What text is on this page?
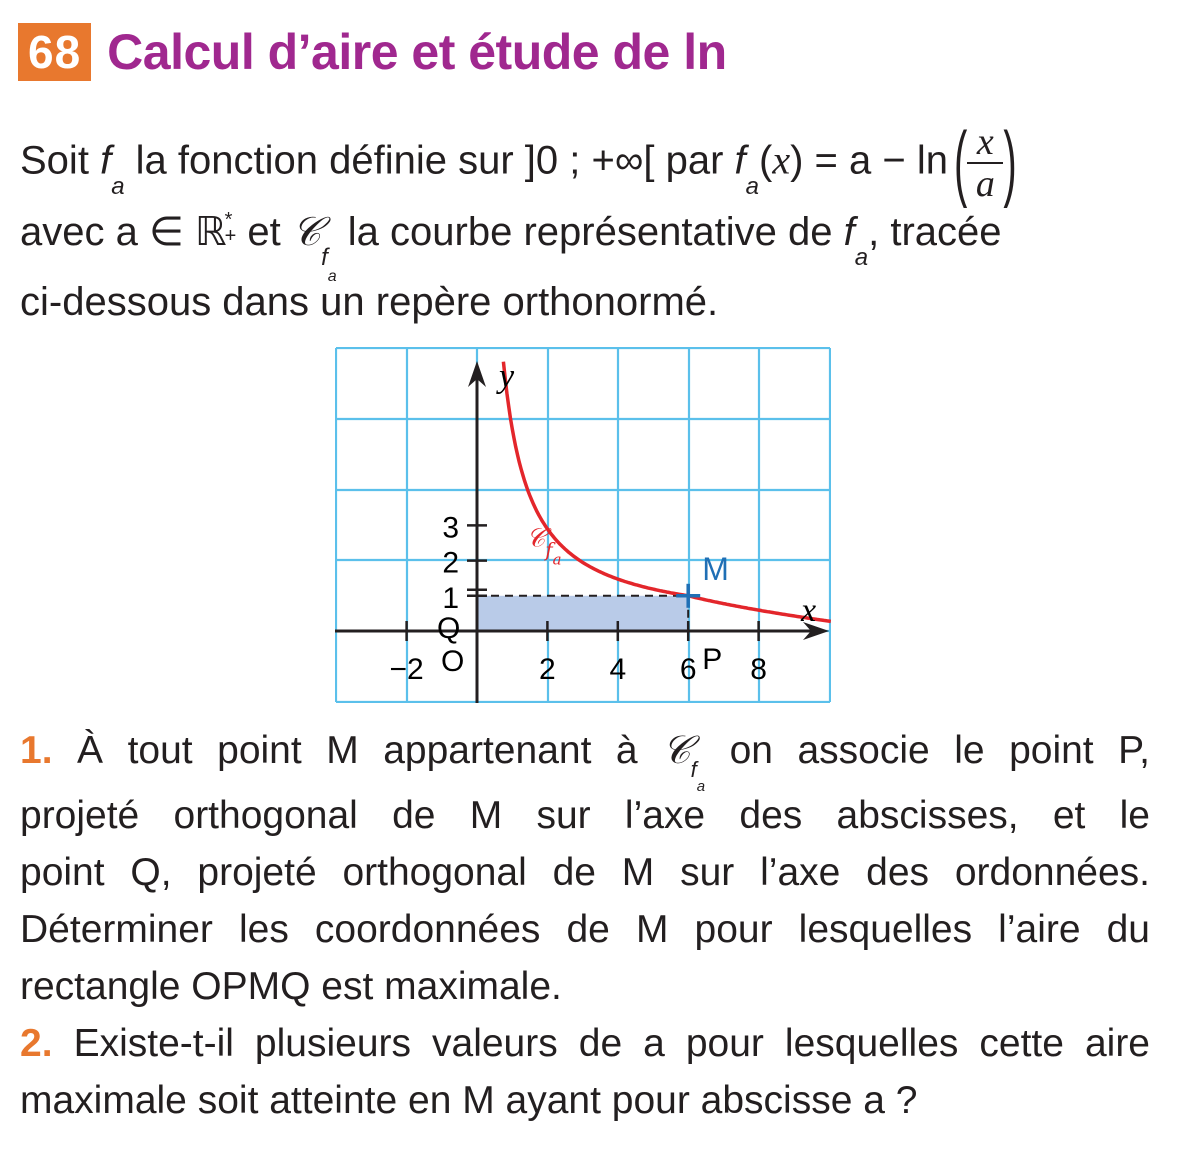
68 Calcul d’aire et étude de ln
Soit $f_a$ la fonction définie sur ]0 ; +∞[ par $f_a(x) = a - \ln$ ( $\frac{x}{a}$ )
avec a ∈ ℝ
*
+ et 𝒞$_{fa}$ la courbe représentative de $f_a$, tracée
ci-dessous dans un repère orthonormé.
y
x
𝒞$_{fa}$	M
P
Q
O
−2	2 4 6 8
1
2
3
1. À tout point M appartenant à 𝒞$_{fa}$ on associe le point P,
projeté orthogonal de M sur l’axe des abscisses, et le
point Q, projeté orthogonal de M sur l’axe des ordonnées.
Déterminer les coordonnées de M pour lesquelles l’aire du
rectangle OPMQ est maximale.
2. Existe-t-il plusieurs valeurs de a pour lesquelles cette aire
maximale soit atteinte en M ayant pour abscisse a ?
